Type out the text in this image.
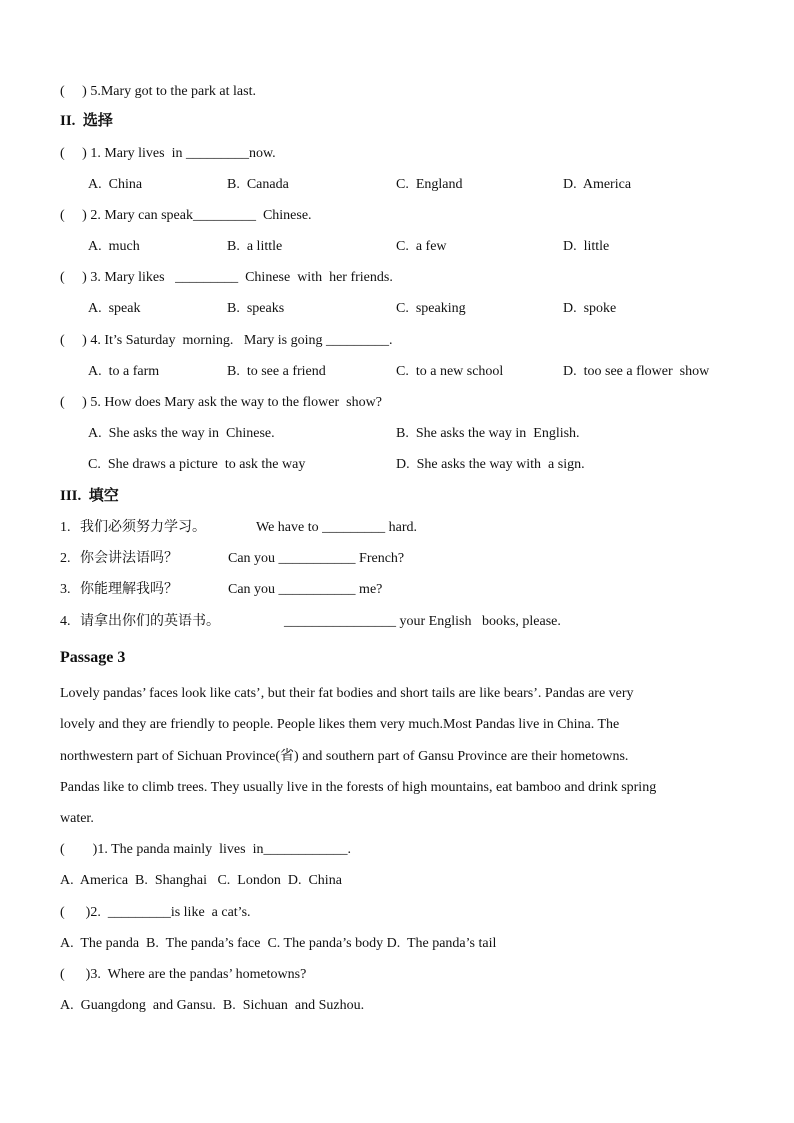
(     ) 5.Mary got to the park at last.
II.  选择
(     ) 1. Mary lives  in _________now.
A.  China	B.  Canada	C.  England	D.  America
(     ) 2. Mary can speak_________  Chinese.
A.  much	B.  a little	C.  a few	D.  little
(     ) 3. Mary likes   _________  Chinese  with  her friends.
A.  speak	B.  speaks	C.  speaking	D.  spoke
(     ) 4. It’s Saturday  morning.   Mary is going _________.
A.  to a farm	B.  to see a friend	C.  to a new school	D.  too see a flower  show
(     ) 5. How does Mary ask the way to the flower  show?
A.  She asks the way in  Chinese.	B.  She asks the way in  English.
C.  She draws a picture  to ask the way	D.  She asks the way with  a sign.
III.  填空
1. 我们必须努力学习。	We have to _________ hard.
2. 你会讲法语吗？	Can you ___________ French?
3. 你能理解我吗？	Can you ___________ me?
4. 请拿出你们的英语书。	________________ your English   books, please.
Passage 3
Lovely pandas’ faces look like cats’, but their fat bodies and short tails are like bears’. Pandas are very
lovely and they are friendly to people. People likes them very much.Most Pandas live in China. The
northwestern part of Sichuan Province(省) and southern part of Gansu Province are their hometowns.
Pandas like to climb trees. They usually live in the forests of high mountains, eat bamboo and drink spring
water.
(        )1. The panda mainly  lives  in____________.
A.  America  B.  Shanghai   C.  London  D.  China
(      )2.  _________is like  a cat’s.
A.  The panda  B.  The panda’s face  C. The panda’s body D.  The panda’s tail
(      )3.  Where are the pandas’ hometowns?
A.  Guangdong  and Gansu.  B.  Sichuan  and Suzhou.
